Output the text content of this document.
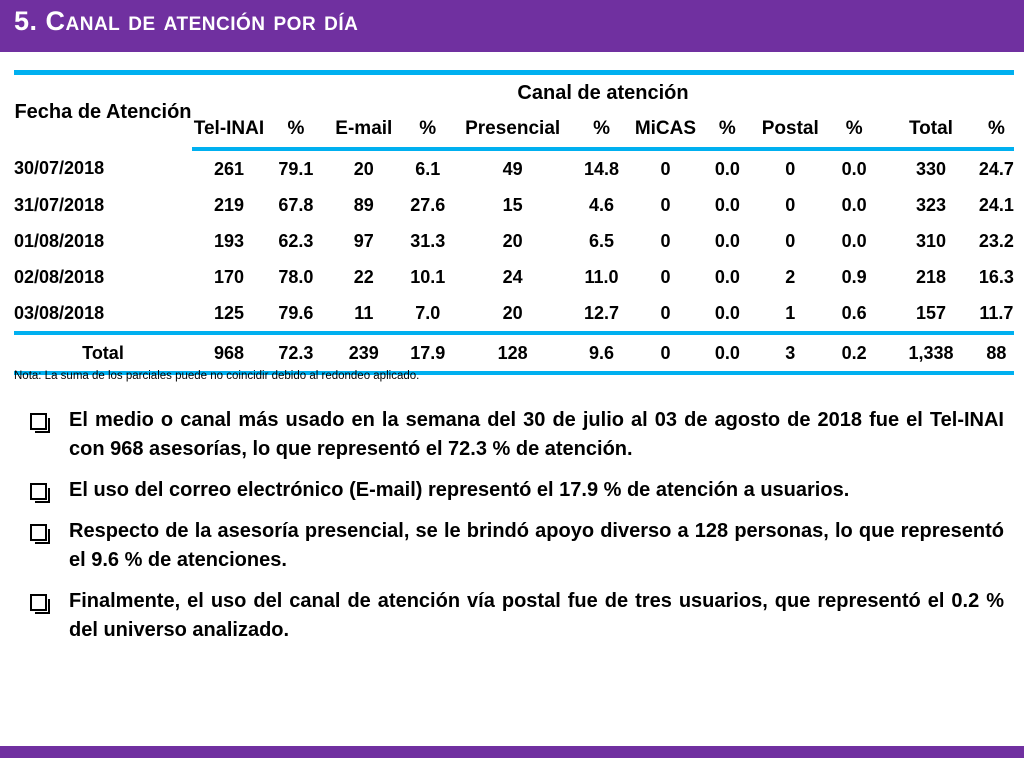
5. Canal de atención por día

Fecha de Atención	Canal de atención											
	Tel-INAI	%	E-mail	%	Presencial	%	MiCAS	%	Postal	%	Total	%
30/07/2018	261	79.1	20	6.1	49	14.8	0	0.0	0	0.0	330	24.7
31/07/2018	219	67.8	89	27.6	15	4.6	0	0.0	0	0.0	323	24.1
01/08/2018	193	62.3	97	31.3	20	6.5	0	0.0	0	0.0	310	23.2
02/08/2018	170	78.0	22	10.1	24	11.0	0	0.0	2	0.9	218	16.3
03/08/2018	125	79.6	11	7.0	20	12.7	0	0.0	1	0.6	157	11.7
Total	968	72.3	239	17.9	128	9.6	0	0.0	3	0.2	1,338	88
Nota: La suma de los parciales puede no coincidir debido al redondeo aplicado.
El medio o canal más usado en la semana del 30 de julio al 03 de agosto de 2018 fue el Tel-INAI con 968 asesorías, lo que representó el 72.3 % de atención.
El uso del correo electrónico (E-mail) representó el 17.9 % de atención a usuarios.
Respecto de la asesoría presencial, se le brindó apoyo diverso a 128 personas, lo que representó el 9.6 % de atenciones.
Finalmente, el uso del canal de atención vía postal fue de tres usuarios, que representó el 0.2 % del universo analizado.
